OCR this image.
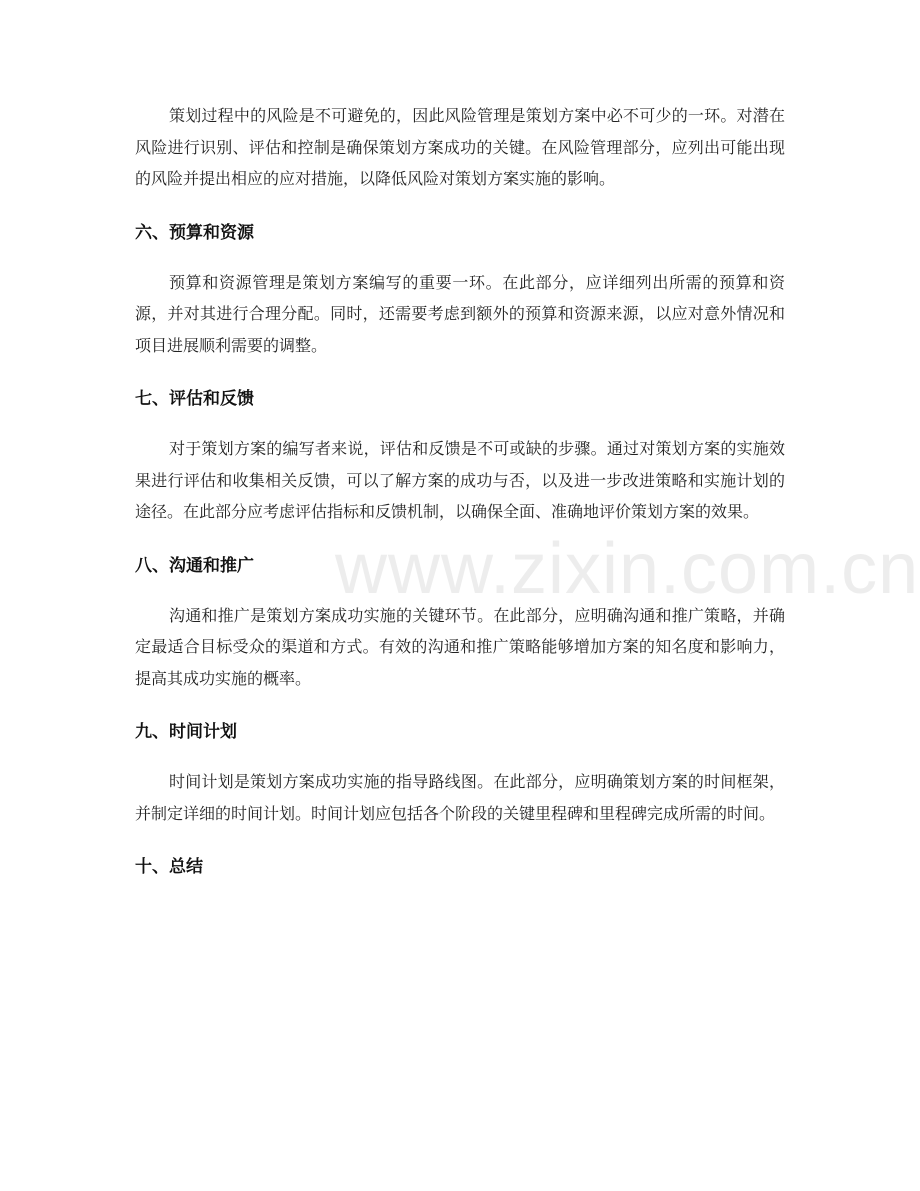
www.zixin.com.cn

策划过程中的风险是不可避免的，因此风险管理是策划方案中必不可少的一环。对潜在风险进行识别、评估和控制是确保策划方案成功的关键。在风险管理部分，应列出可能出现的风险并提出相应的应对措施，以降低风险对策划方案实施的影响。

六、预算和资源

预算和资源管理是策划方案编写的重要一环。在此部分，应详细列出所需的预算和资源，并对其进行合理分配。同时，还需要考虑到额外的预算和资源来源，以应对意外情况和项目进展顺利需要的调整。

七、评估和反馈

对于策划方案的编写者来说，评估和反馈是不可或缺的步骤。通过对策划方案的实施效果进行评估和收集相关反馈，可以了解方案的成功与否，以及进一步改进策略和实施计划的途径。在此部分应考虑评估指标和反馈机制，以确保全面、准确地评价策划方案的效果。

八、沟通和推广

沟通和推广是策划方案成功实施的关键环节。在此部分，应明确沟通和推广策略，并确定最适合目标受众的渠道和方式。有效的沟通和推广策略能够增加方案的知名度和影响力，提高其成功实施的概率。

九、时间计划

时间计划是策划方案成功实施的指导路线图。在此部分，应明确策划方案的时间框架，并制定详细的时间计划。时间计划应包括各个阶段的关键里程碑和里程碑完成所需的时间。

十、总结
